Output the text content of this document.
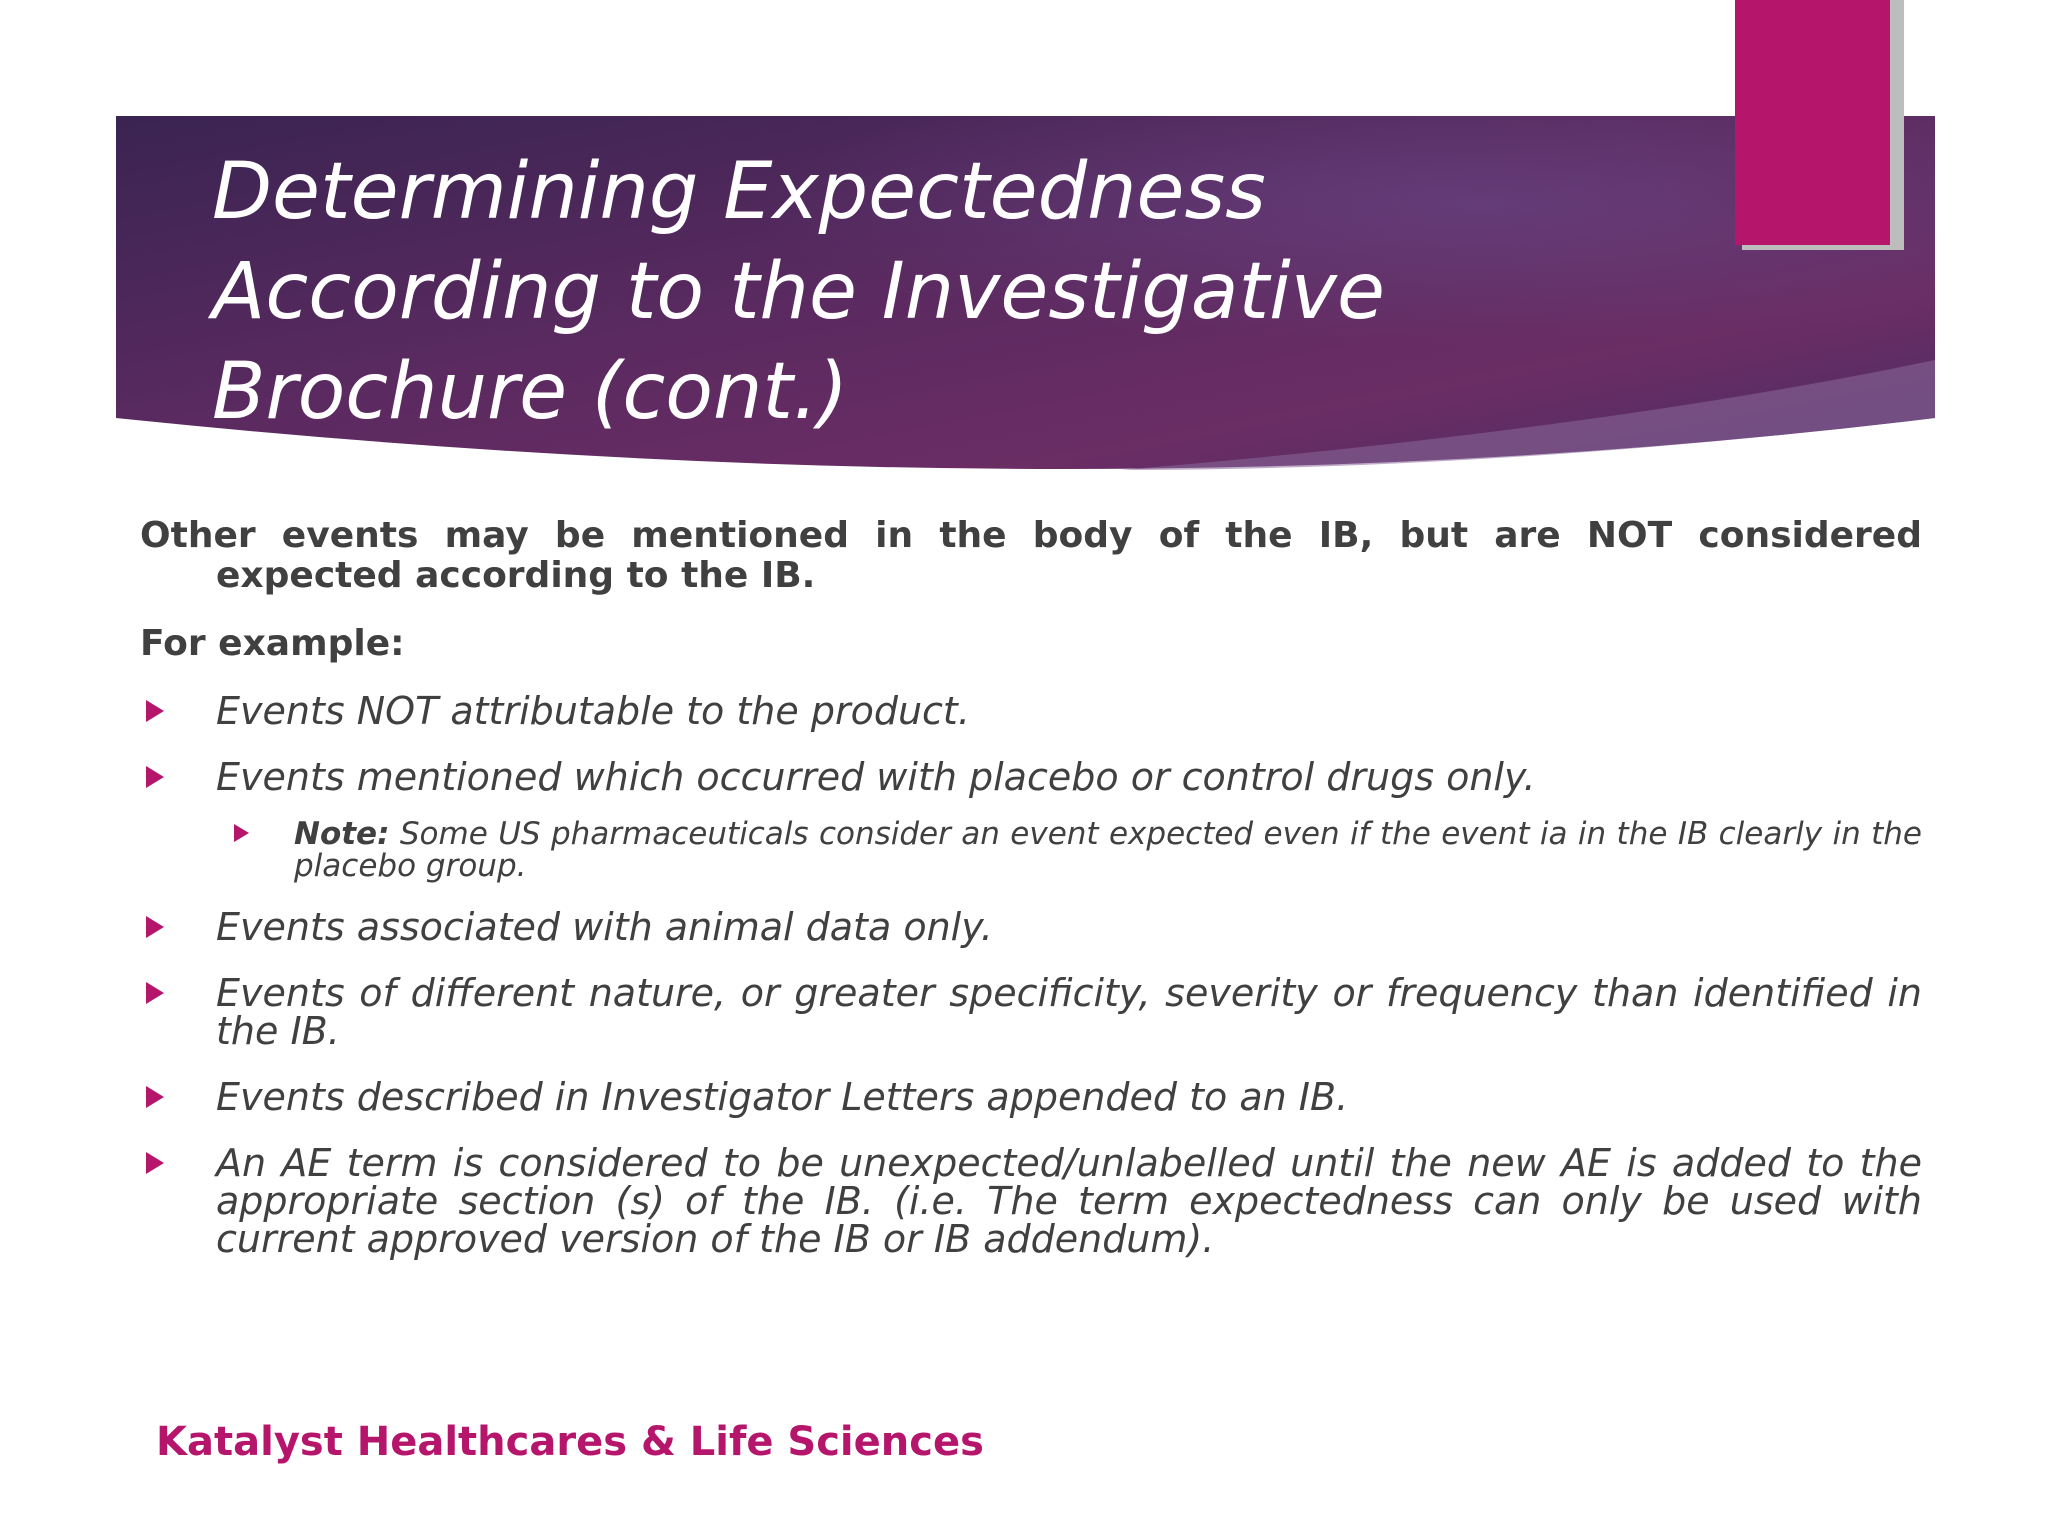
Determining Expectedness
According to the Investigative
Brochure (cont.)

Other events may be mentioned in the body of the IB, but are NOT considered expected according to the IB.

For example:

Events NOT attributable to the product.
Events mentioned which occurred with placebo or control drugs only.
Note: Some US pharmaceuticals consider an event expected even if the event ia in the IB clearly in the placebo group.
Events associated with animal data only.
Events of different nature, or greater specificity, severity or frequency than identified in the IB.
Events described in Investigator Letters appended to an IB.
An AE term is considered to be unexpected/unlabelled until the new AE is added to the appropriate section (s) of the IB. (i.e. The term expectedness can only be used with current approved version of the IB or IB addendum).
Katalyst Healthcares & Life Sciences
